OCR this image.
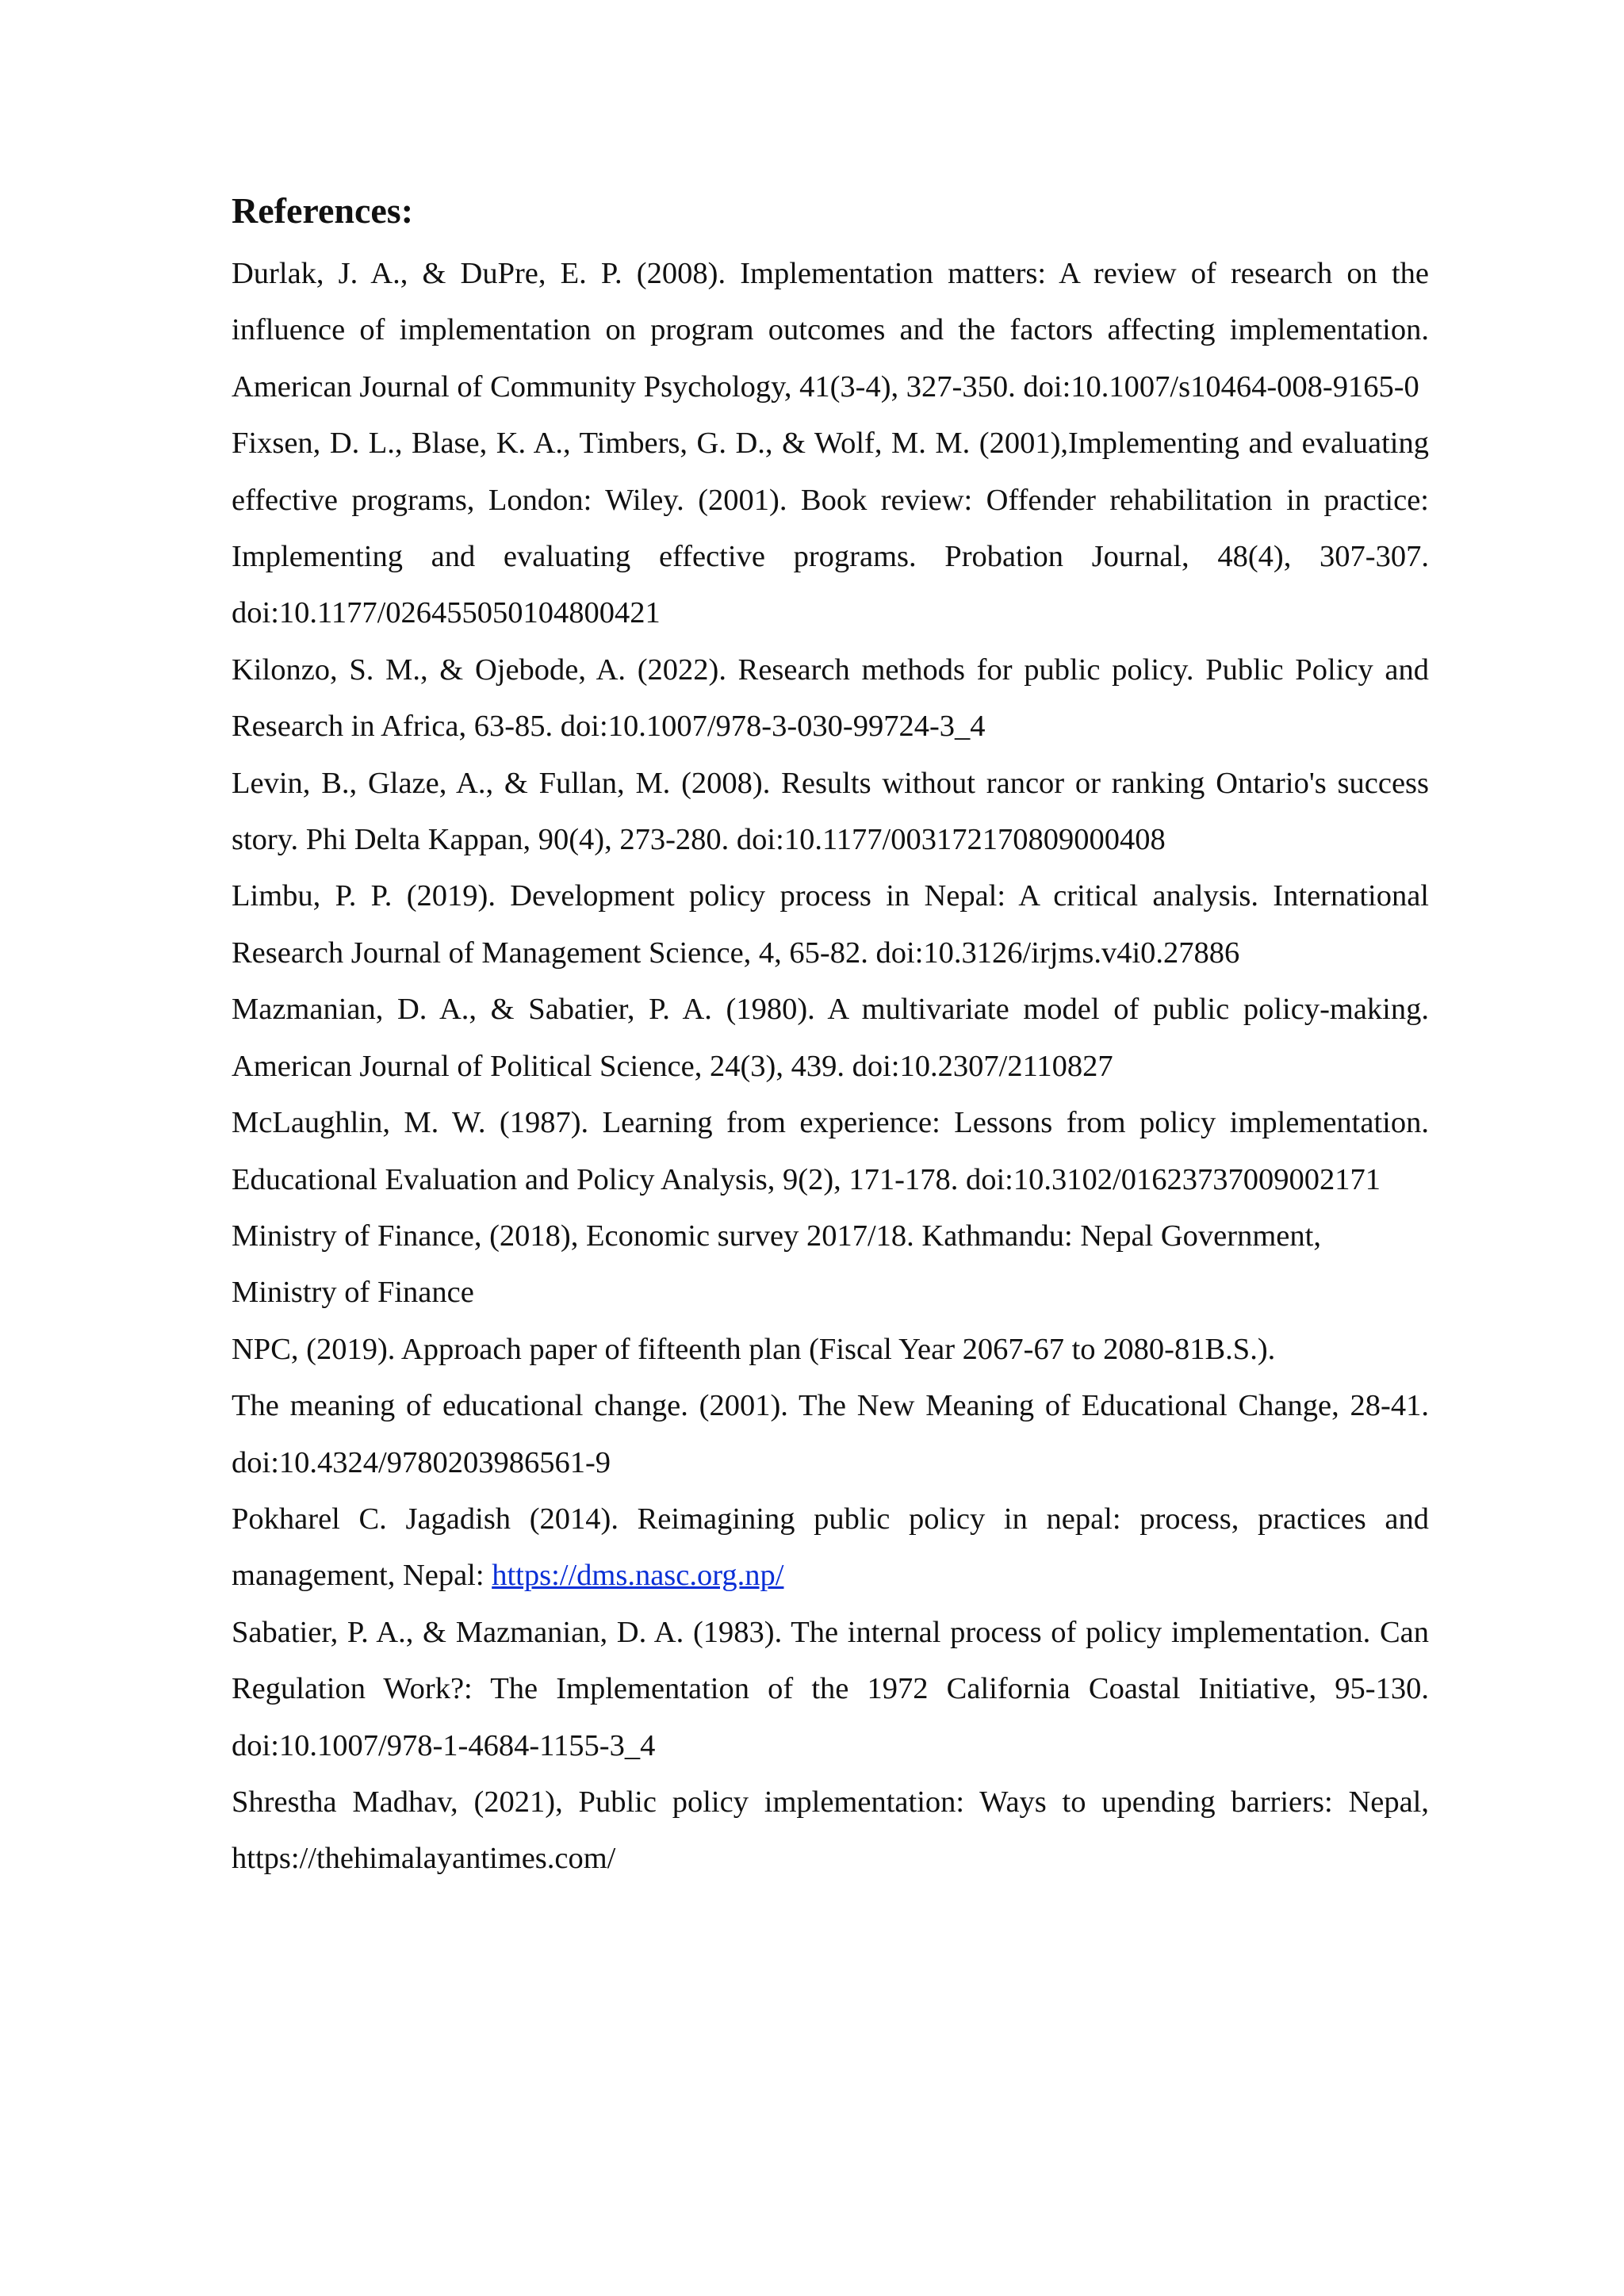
References:

Durlak, J. A., & DuPre, E. P. (2008). Implementation matters: A review of research on the influence of implementation on program outcomes and the factors affecting implementation. American Journal of Community Psychology, 41(3-4), 327-350. doi:10.1007/s10464-008-9165-0

Fixsen, D. L., Blase, K. A., Timbers, G. D., & Wolf, M. M. (2001),Implementing and evaluating effective programs, London: Wiley. (2001). Book review: Offender rehabilitation in practice: Implementing and evaluating effective programs. Probation Journal, 48(4), 307-307. doi:10.1177/026455050104800421

Kilonzo, S. M., & Ojebode, A. (2022). Research methods for public policy. Public Policy and Research in Africa, 63-85. doi:10.1007/978-3-030-99724-3_4

Levin, B., Glaze, A., & Fullan, M. (2008). Results without rancor or ranking Ontario's success story. Phi Delta Kappan, 90(4), 273-280. doi:10.1177/003172170809000408

Limbu, P. P. (2019). Development policy process in Nepal: A critical analysis. International Research Journal of Management Science, 4, 65-82. doi:10.3126/irjms.v4i0.27886

Mazmanian, D. A., & Sabatier, P. A. (1980). A multivariate model of public policy-making. American Journal of Political Science, 24(3), 439. doi:10.2307/2110827

McLaughlin, M. W. (1987). Learning from experience: Lessons from policy implementation. Educational Evaluation and Policy Analysis, 9(2), 171-178. doi:10.3102/01623737009002171

Ministry of Finance, (2018), Economic survey 2017/18. Kathmandu: Nepal Government, Ministry of Finance

NPC, (2019). Approach paper of fifteenth plan (Fiscal Year 2067-67 to 2080-81B.S.).

The meaning of educational change. (2001). The New Meaning of Educational Change, 28-41. doi:10.4324/9780203986561-9

Pokharel C. Jagadish (2014). Reimagining public policy in nepal: process, practices and management, Nepal: https://dms.nasc.org.np/

Sabatier, P. A., & Mazmanian, D. A. (1983). The internal process of policy implementation. Can Regulation Work?: The Implementation of the 1972 California Coastal Initiative, 95-130. doi:10.1007/978-1-4684-1155-3_4

Shrestha Madhav, (2021), Public policy implementation: Ways to upending barriers: Nepal, https://thehimalayantimes.com/
